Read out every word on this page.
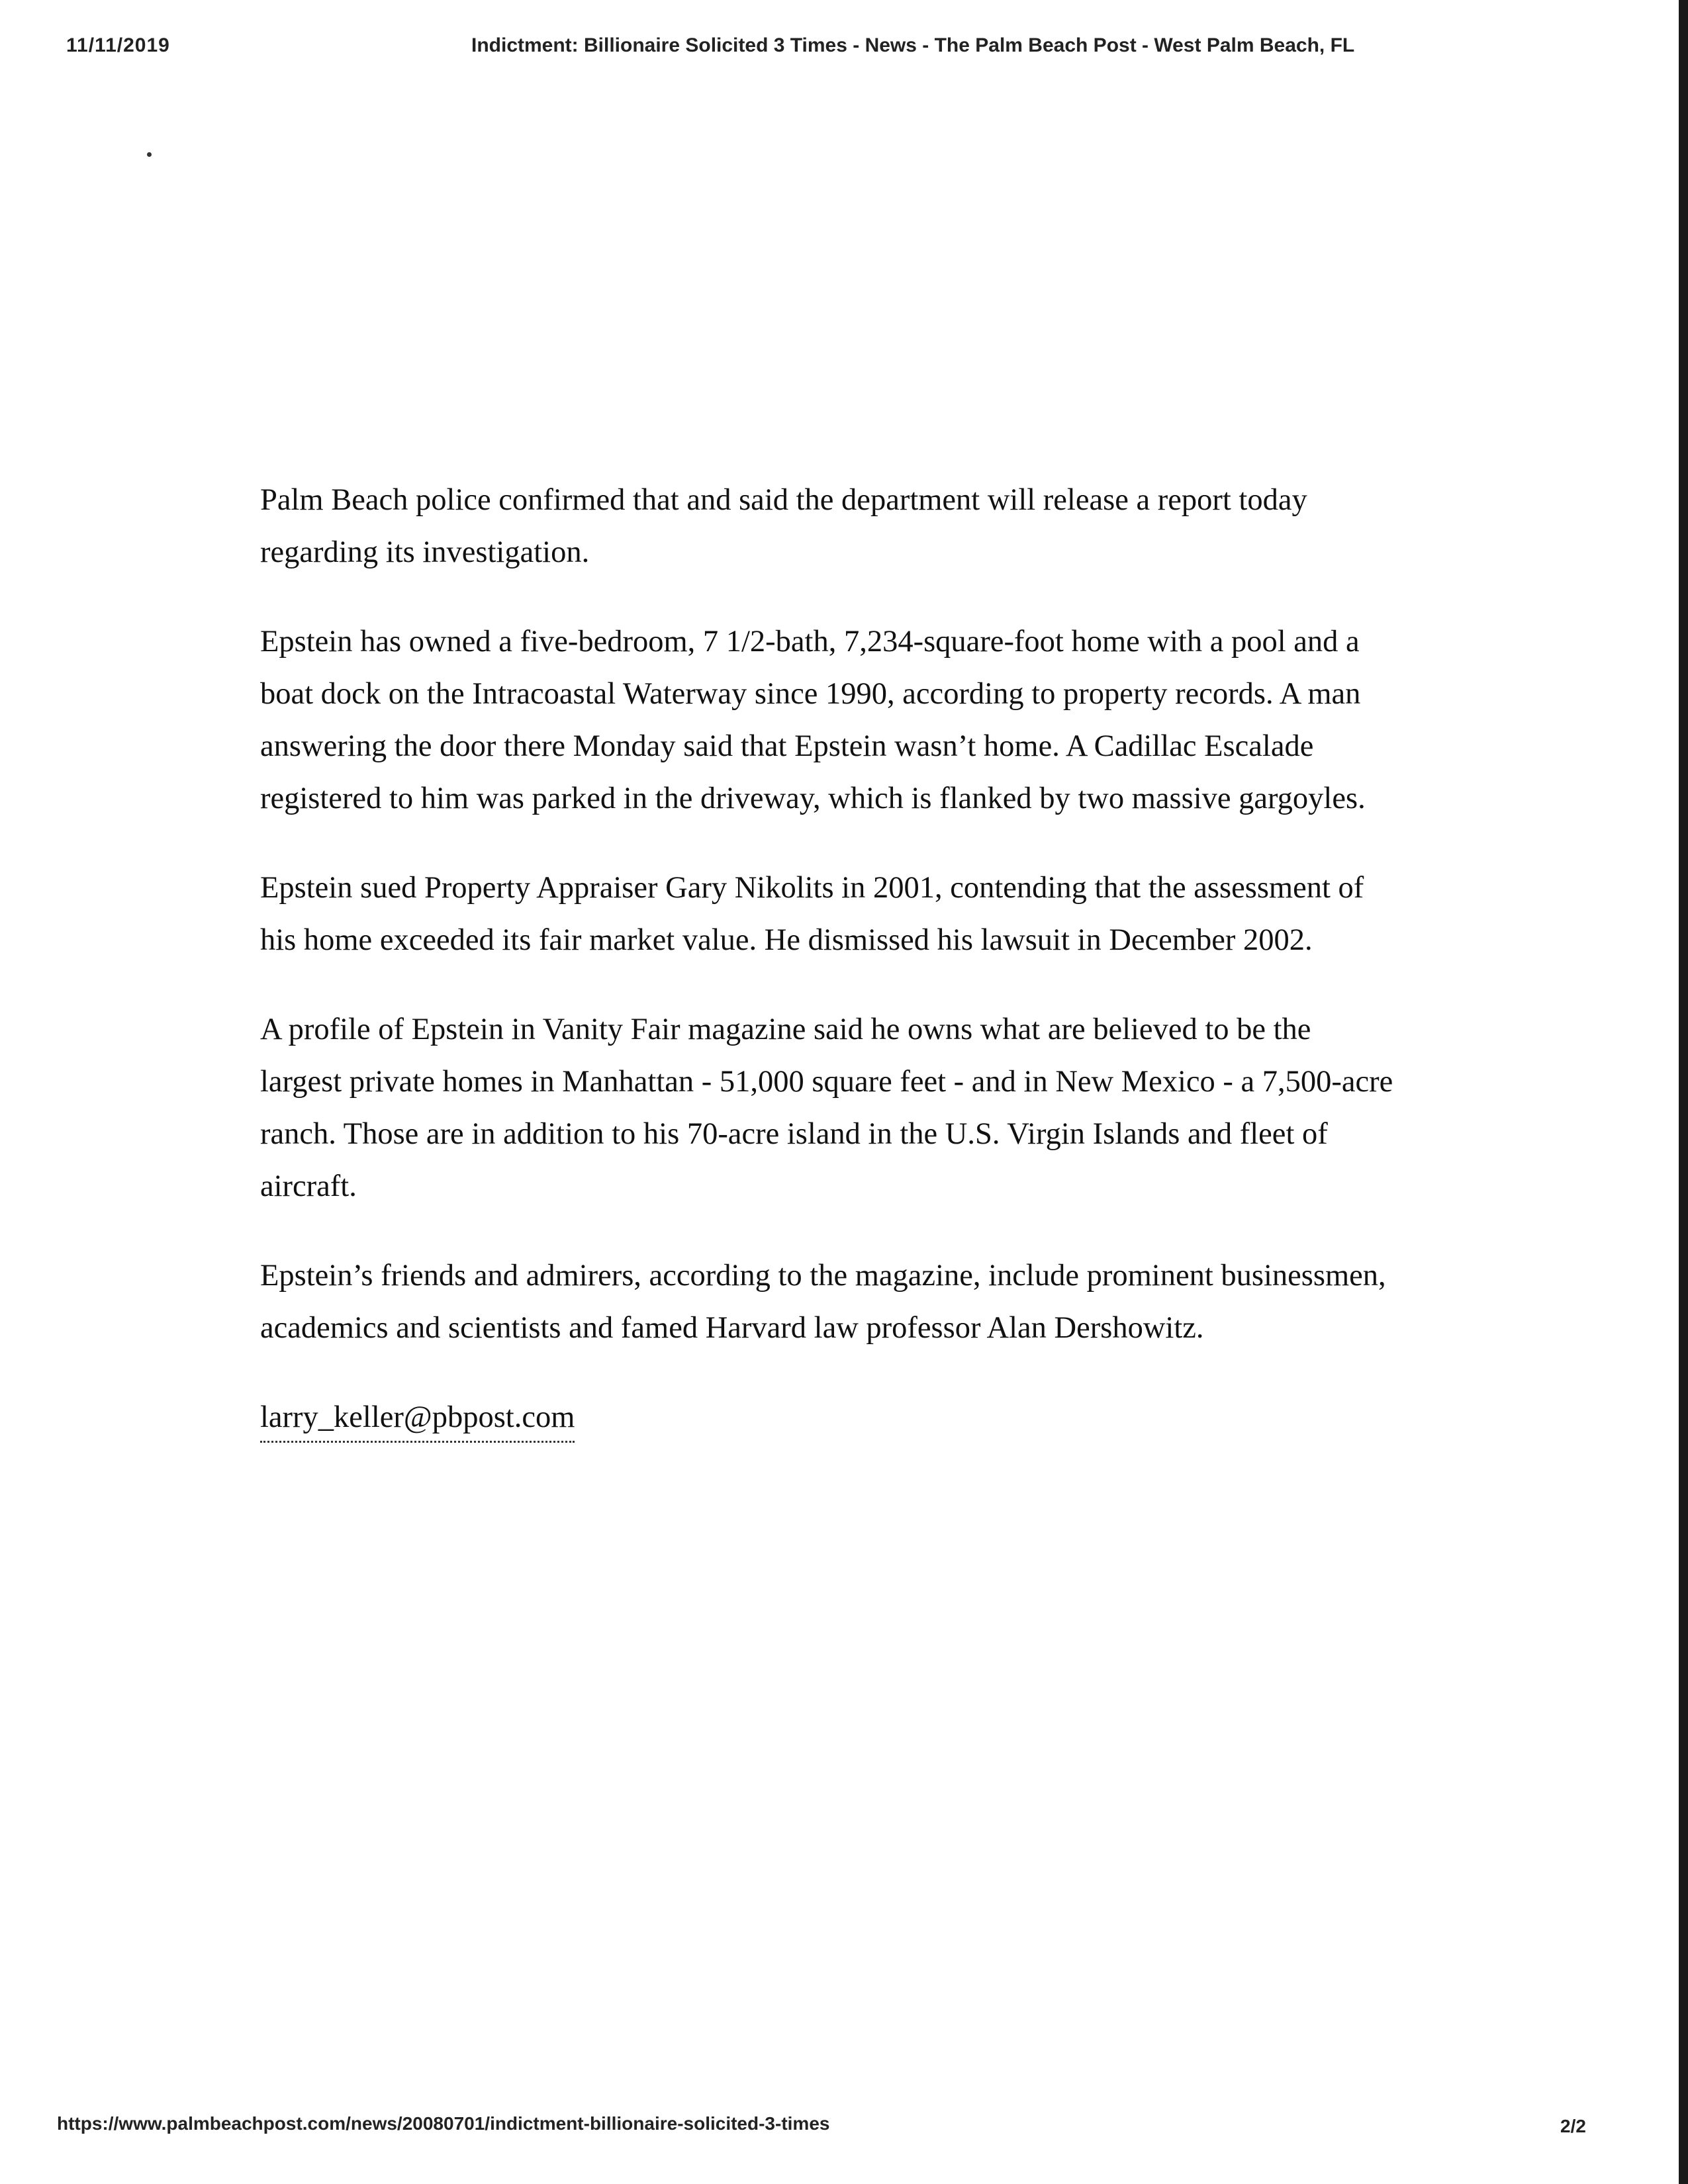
11/11/2019	Indictment: Billionaire Solicited 3 Times - News - The Palm Beach Post - West Palm Beach, FL

Palm Beach police confirmed that and said the department will release a report today regarding its investigation.

Epstein has owned a five-bedroom, 7 1/2-bath, 7,234-square-foot home with a pool and a boat dock on the Intracoastal Waterway since 1990, according to property records. A man answering the door there Monday said that Epstein wasn’t home. A Cadillac Escalade registered to him was parked in the driveway, which is flanked by two massive gargoyles.

Epstein sued Property Appraiser Gary Nikolits in 2001, contending that the assessment of his home exceeded its fair market value. He dismissed his lawsuit in December 2002.

A profile of Epstein in Vanity Fair magazine said he owns what are believed to be the largest private homes in Manhattan - 51,000 square feet - and in New Mexico - a 7,500-acre ranch. Those are in addition to his 70-acre island in the U.S. Virgin Islands and fleet of aircraft.

Epstein’s friends and admirers, according to the magazine, include prominent businessmen, academics and scientists and famed Harvard law professor Alan Dershowitz.

larry_keller@pbpost.com

https://www.palmbeachpost.com/news/20080701/indictment-billionaire-solicited-3-times	2/2
